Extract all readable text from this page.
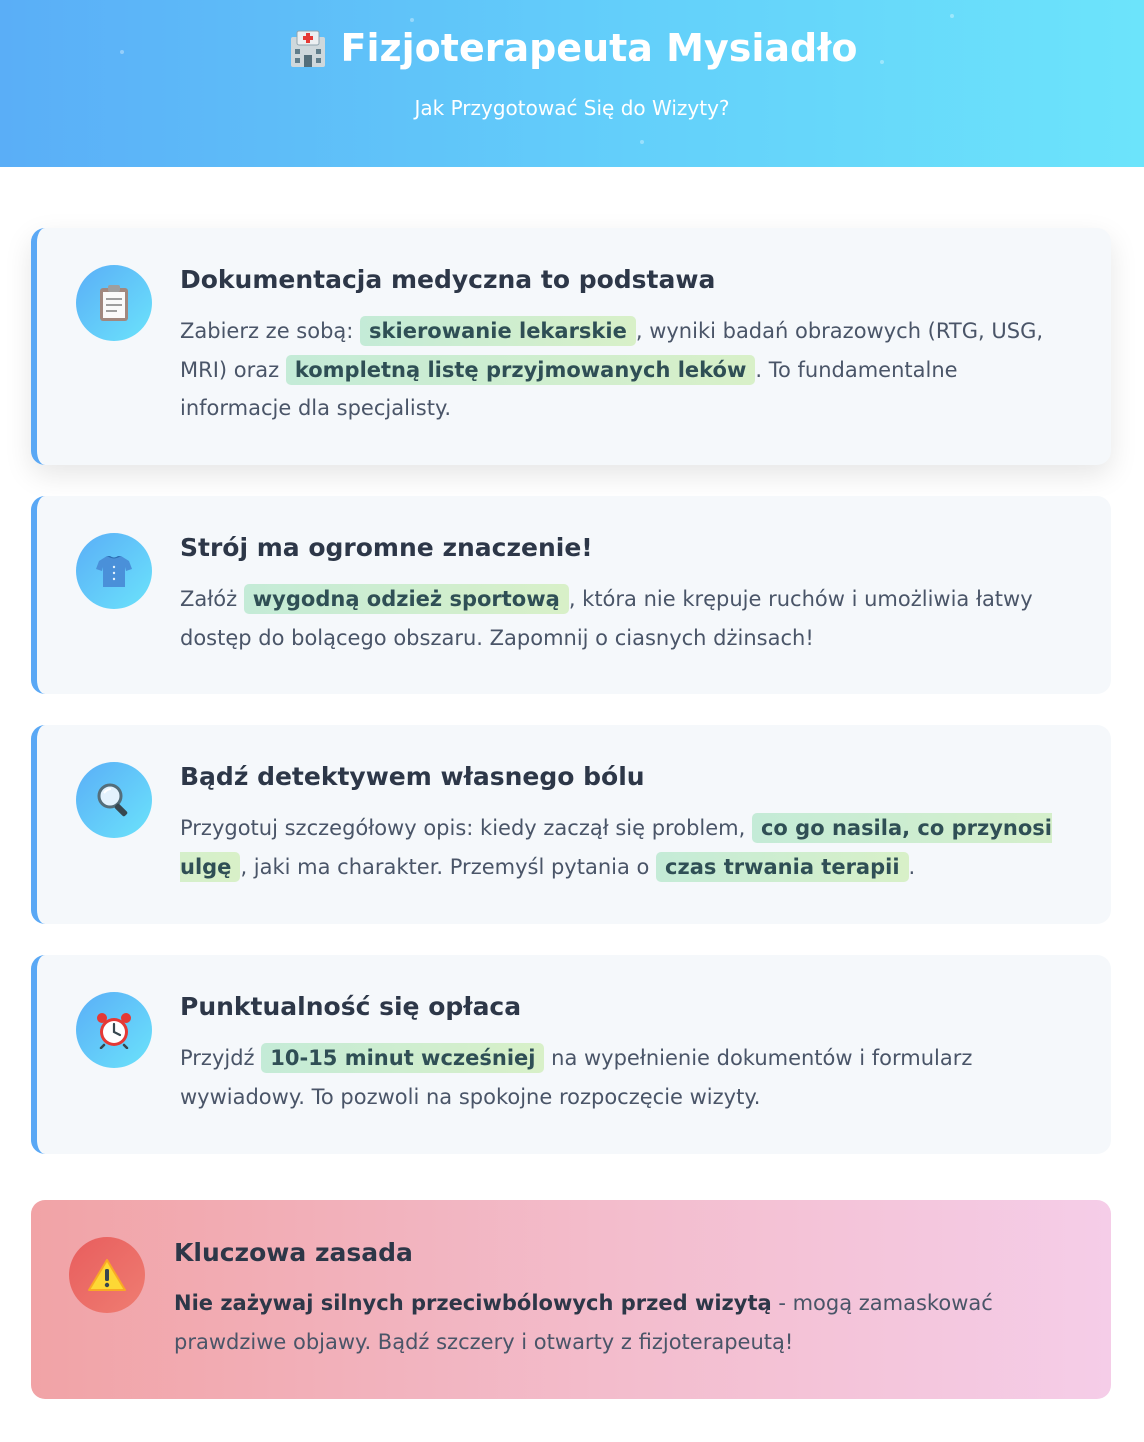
Fizjoterapeuta Mysiadło
Jak Przygotować Się do Wizyty?
Dokumentacja medyczna to podstawa

Zabierz ze sobą: skierowanie lekarskie , wyniki badań obrazowych (RTG, USG, MRI) oraz kompletną listę przyjmowanych leków . To fundamentalne informacje dla specjalisty.

Strój ma ogromne znaczenie!

Załóż wygodną odzież sportową , która nie krępuje ruchów i umożliwia łatwy dostęp do bolącego obszaru. Zapomnij o ciasnych dżinsach!

Bądź detektywem własnego bólu

Przygotuj szczegółowy opis: kiedy zaczął się problem, co go nasila, co przynosi ulgę , jaki ma charakter. Przemyśl pytania o czas trwania terapii .

Punktualność się opłaca

Przyjdź 10-15 minut wcześniej na wypełnienie dokumentów i formularz wywiadowy. To pozwoli na spokojne rozpoczęcie wizyty.

Kluczowa zasada

Nie zażywaj silnych przeciwbólowych przed wizytą - mogą zamaskować prawdziwe objawy. Bądź szczery i otwarty z fizjoterapeutą!
